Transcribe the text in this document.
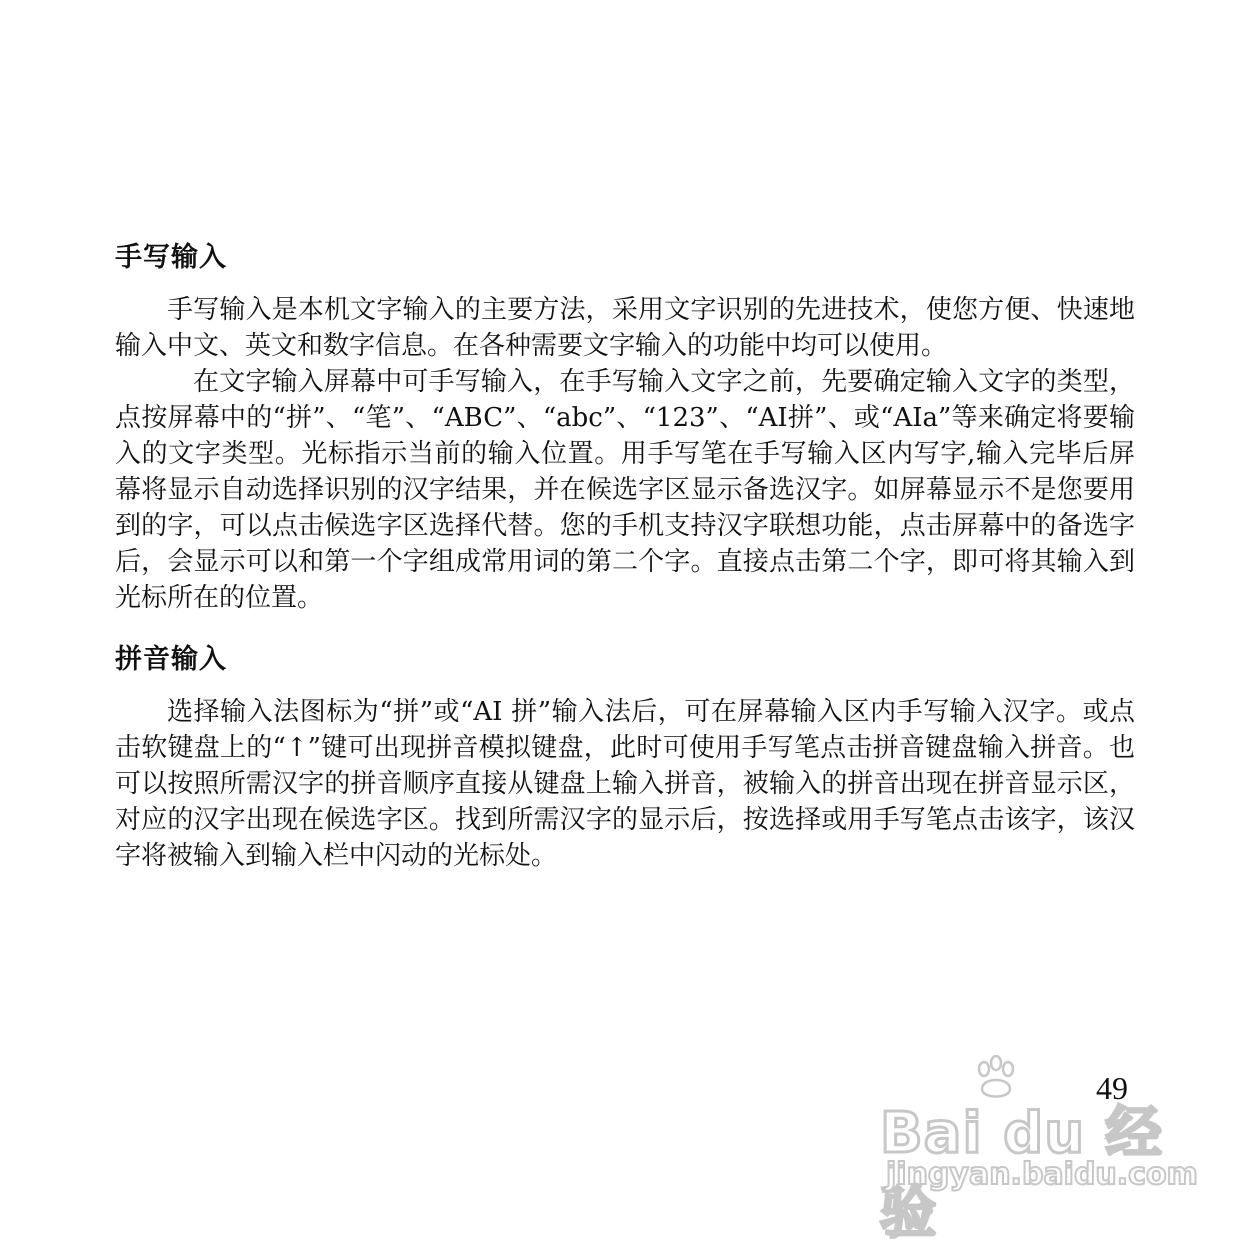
手写输入

手写输入是本机文字输入的主要方法，采用文字识别的先进技术，使您方便、快速地输入中文、英文和数字信息。在各种需要文字输入的功能中均可以使用。

在文字输入屏幕中可手写输入，在手写输入文字之前，先要确定输入文字的类型，点按屏幕中的“拼”、“笔”、“ABC”、“abc”、“123”、“AI拼”、或“AIa”等来确定将要输入的文字类型。光标指示当前的输入位置。用手写笔在手写输入区内写字,输入完毕后屏幕将显示自动选择识别的汉字结果，并在候选字区显示备选汉字。如屏幕显示不是您要用到的字，可以点击候选字区选择代替。您的手机支持汉字联想功能，点击屏幕中的备选字后，会显示可以和第一个字组成常用词的第二个字。直接点击第二个字，即可将其输入到光标所在的位置。

拼音输入

选择输入法图标为“拼”或“AI 拼”输入法后，可在屏幕输入区内手写输入汉字。或点击软键盘上的“↑”键可出现拼音模拟键盘，此时可使用手写笔点击拼音键盘输入拼音。也可以按照所需汉字的拼音顺序直接从键盘上输入拼音，被输入的拼音出现在拼音显示区，对应的汉字出现在候选字区。找到所需汉字的显示后，按选择或用手写笔点击该字，该汉字将被输入到输入栏中闪动的光标处。

49
Bai du 经验
jingyan.baidu.com
